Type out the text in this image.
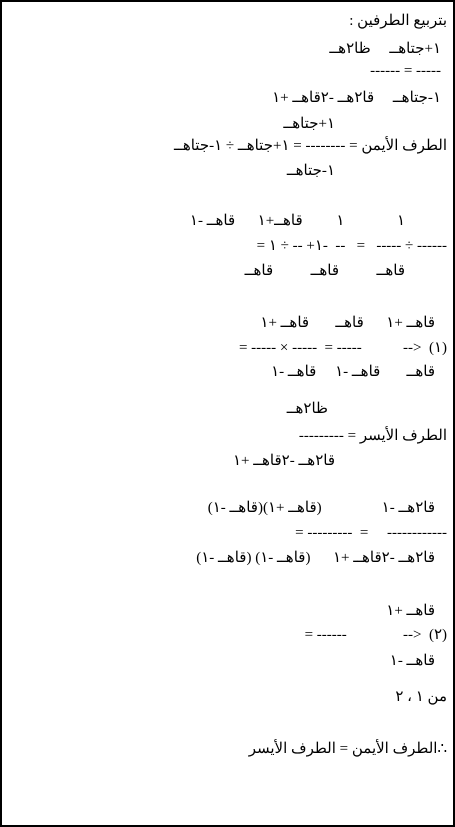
بتربيع الطرفين :
١+جتاهــ     ظا٢هــ
------ = -----
١-جتاهــ     قا٢هــ -٢قاهــ +١
١+جتاهــ
الطرف الأيمن = -------- = ١+جتاهــ ÷ ١-جتاهــ
١-جتاهــ
١              ١         قاهــ+١      قاهــ -١
= ١+ -- ÷ ١-  --   =   ----- ÷ ------
قاهــ          قاهــ          قاهــ
قاهــ +١      قاهــ       قاهــ +١
= ----- × -----  = -----           -->  (١)
قاهــ       قاهــ -١     قاهــ -١
ظا٢هــ
الطرف الأيسر = ---------
قا٢هــ -٢قاهــ +١
قا٢هــ -١                (قاهــ +١)(قاهــ -١)
= ---------  =     ------------
قا٢هــ -٢قاهــ +١      (قاهــ -١) (قاهــ -١)
قاهــ +١
= ------               -->  (٢)
قاهــ -١
من ١ ، ٢
∴الطرف الأيمن = الطرف الأيسر
